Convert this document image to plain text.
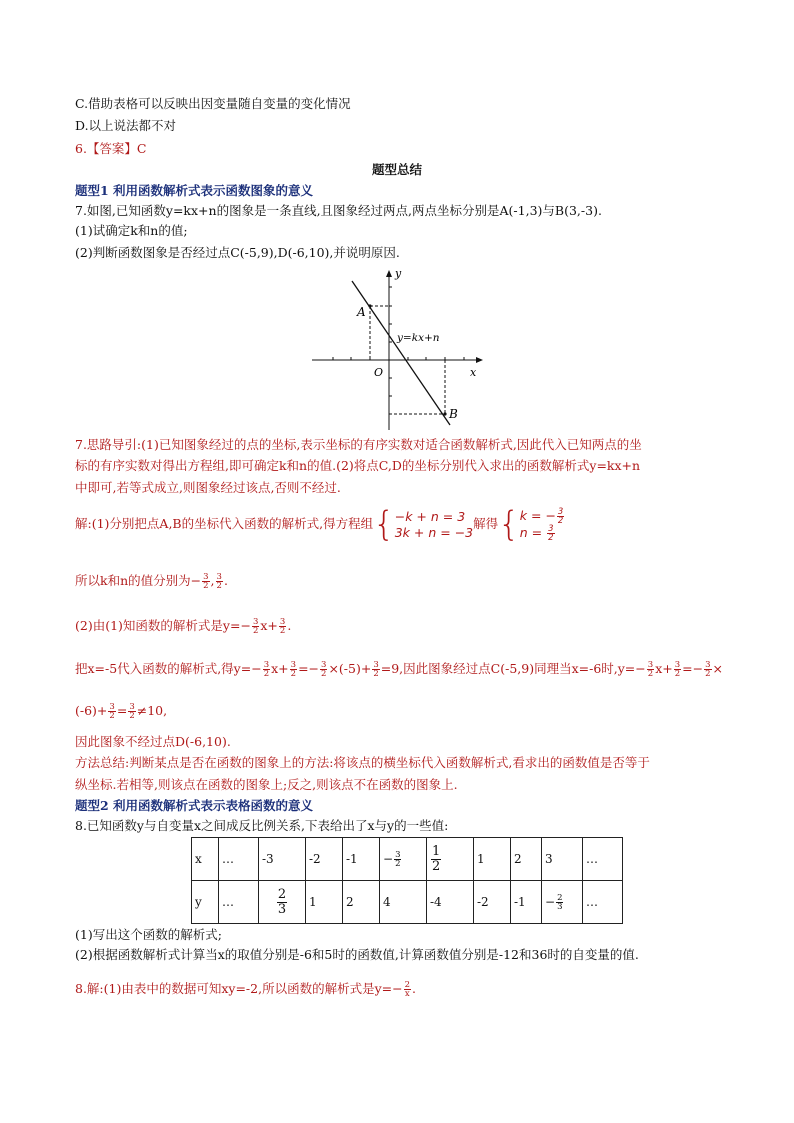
C.借助表格可以反映出因变量随自变量的变化情况
D.以上说法都不对
6.【答案】C
题型总结
题型1 利用函数解析式表示函数图象的意义
7.如图,已知函数y=kx+n的图象是一条直线,且图象经过两点,两点坐标分别是A(-1,3)与B(3,-3).
(1)试确定k和n的值;
(2)判断函数图象是否经过点C(-5,9),D(-6,10),并说明原因.
A
B
O	x
y
y=kx+n
7.思路导引:(1)已知图象经过的点的坐标,表示坐标的有序实数对适合函数解析式,因此代入已知两点的坐
标的有序实数对得出方程组,即可确定k和n的值.(2)将点C,D的坐标分别代入求出的函数解析式y=kx+n
中即可,若等式成立,则图象经过该点,否则不经过.
解:(1)分别把点A,B的坐标代入函数的解析式,得方程组{−k + n = 3
3k + n = −3解得{k = − $\frac{3}{2}$

$n = \frac{3}{2}$
所以k和n的值分别为− $\frac{3}{2}$ , $\frac{3}{2}$ .
(2)由(1)知函数的解析式是$y=- \frac{3}{2} x+ \frac{3}{2}$ .
把x=-5代入函数的解析式,得$y=- \frac{3}{2} x+ \frac{3}{2} =- \frac{3}{2} \times(-5)+ \frac{3}{2} =9$,因此图象经过点C(-5,9)同理当x=-6时$,y=- \frac{3}{2} x+ \frac{3}{2} =- \frac{3}{2}$ ×
$(-6)+ \frac{3}{2} = \frac{3}{2} \ne 10$,
因此图象不经过点D(-6,10).
方法总结:判断某点是否在函数的图象上的方法:将该点的横坐标代入函数解析式,看求出的函数值是否等于
纵坐标.若相等,则该点在函数的图象上;反之,则该点不在函数的图象上.
题型2 利用函数解析式表示表格函数的意义
8.已知函数y与自变量x之间成反比例关系,下表给出了x与y的一些值:
x	…	-3	-2	-1	− $\frac{3}{2}$	$\frac{1}{2}$	1	2	3	…
y	…	$\frac{2}{3}$	1	2	4	-4	-2	-1	− $\frac{2}{3}$	…
(1)写出这个函数的解析式;
(2)根据函数解析式计算当x的取值分别是-6和5时的函数值,计算函数值分别是-12和36时的自变量的值.
8.解:(1)由表中的数据可知xy=-2,所以函数的解析式是$y=- \frac{2}{x}$ .
